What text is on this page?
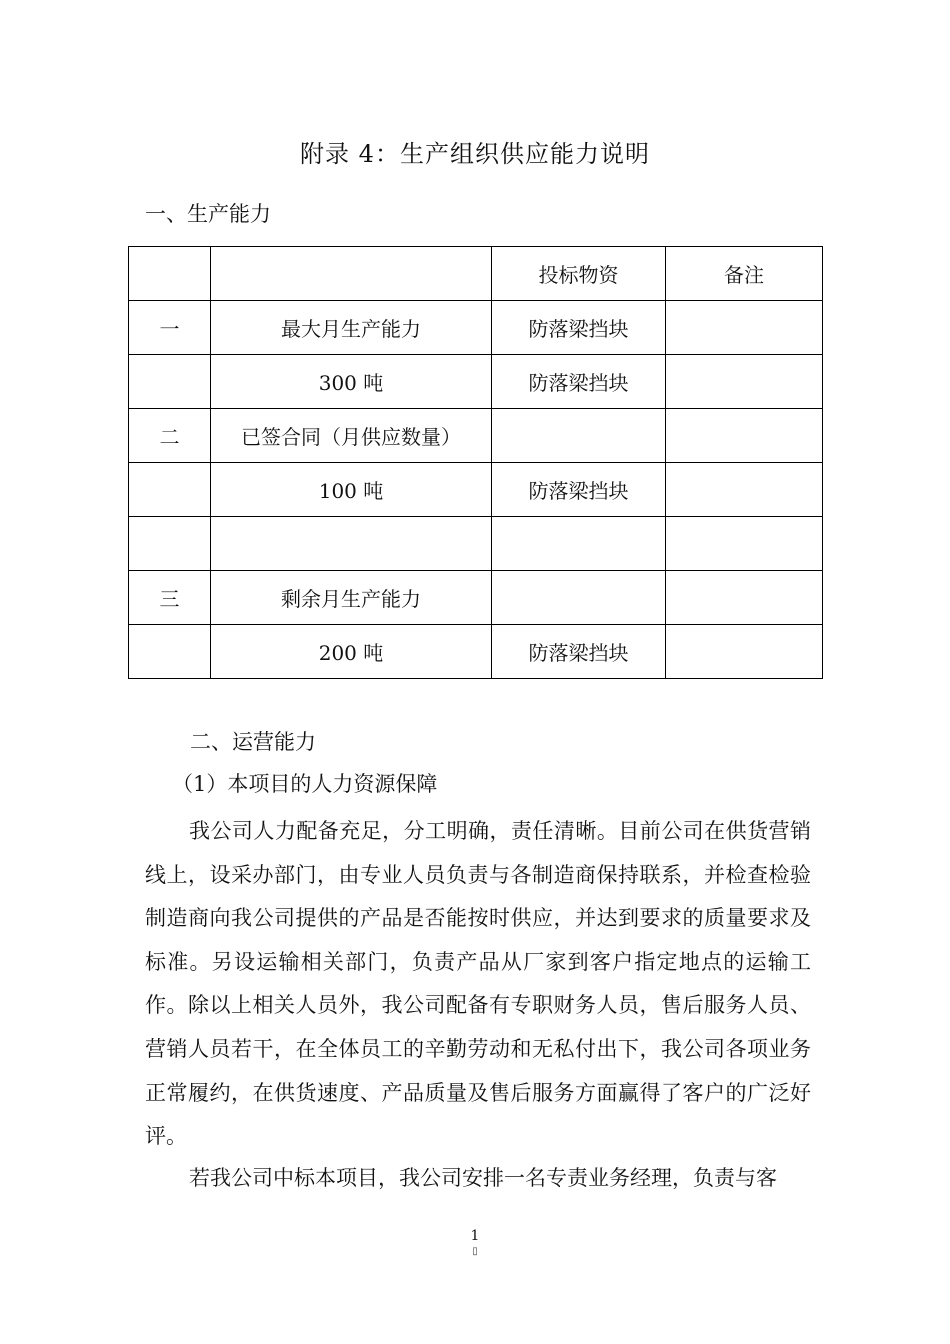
附录 4：生产组织供应能力说明
一、生产能力
		投标物资	备注
一	最大月生产能力	防落梁挡块	
	300 吨	防落梁挡块	
二	已签合同（月供应数量）		
	100 吨	防落梁挡块	

三	剩余月生产能力		
	200 吨	防落梁挡块	
二、运营能力
（1）本项目的人力资源保障
我公司人力配备充足，分工明确，责任清晰。目前公司在供货营销线上，设采办部门，由专业人员负责与各制造商保持联系，并检查检验制造商向我公司提供的产品是否能按时供应，并达到要求的质量要求及标准。另设运输相关部门，负责产品从厂家到客户指定地点的运输工作。除以上相关人员外，我公司配备有专职财务人员，售后服务人员、营销人员若干，在全体员工的辛勤劳动和无私付出下，我公司各项业务正常履约，在供货速度、产品质量及售后服务方面赢得了客户的广泛好评。
若我公司中标本项目，我公司安排一名专责业务经理，负责与客
1
▯
